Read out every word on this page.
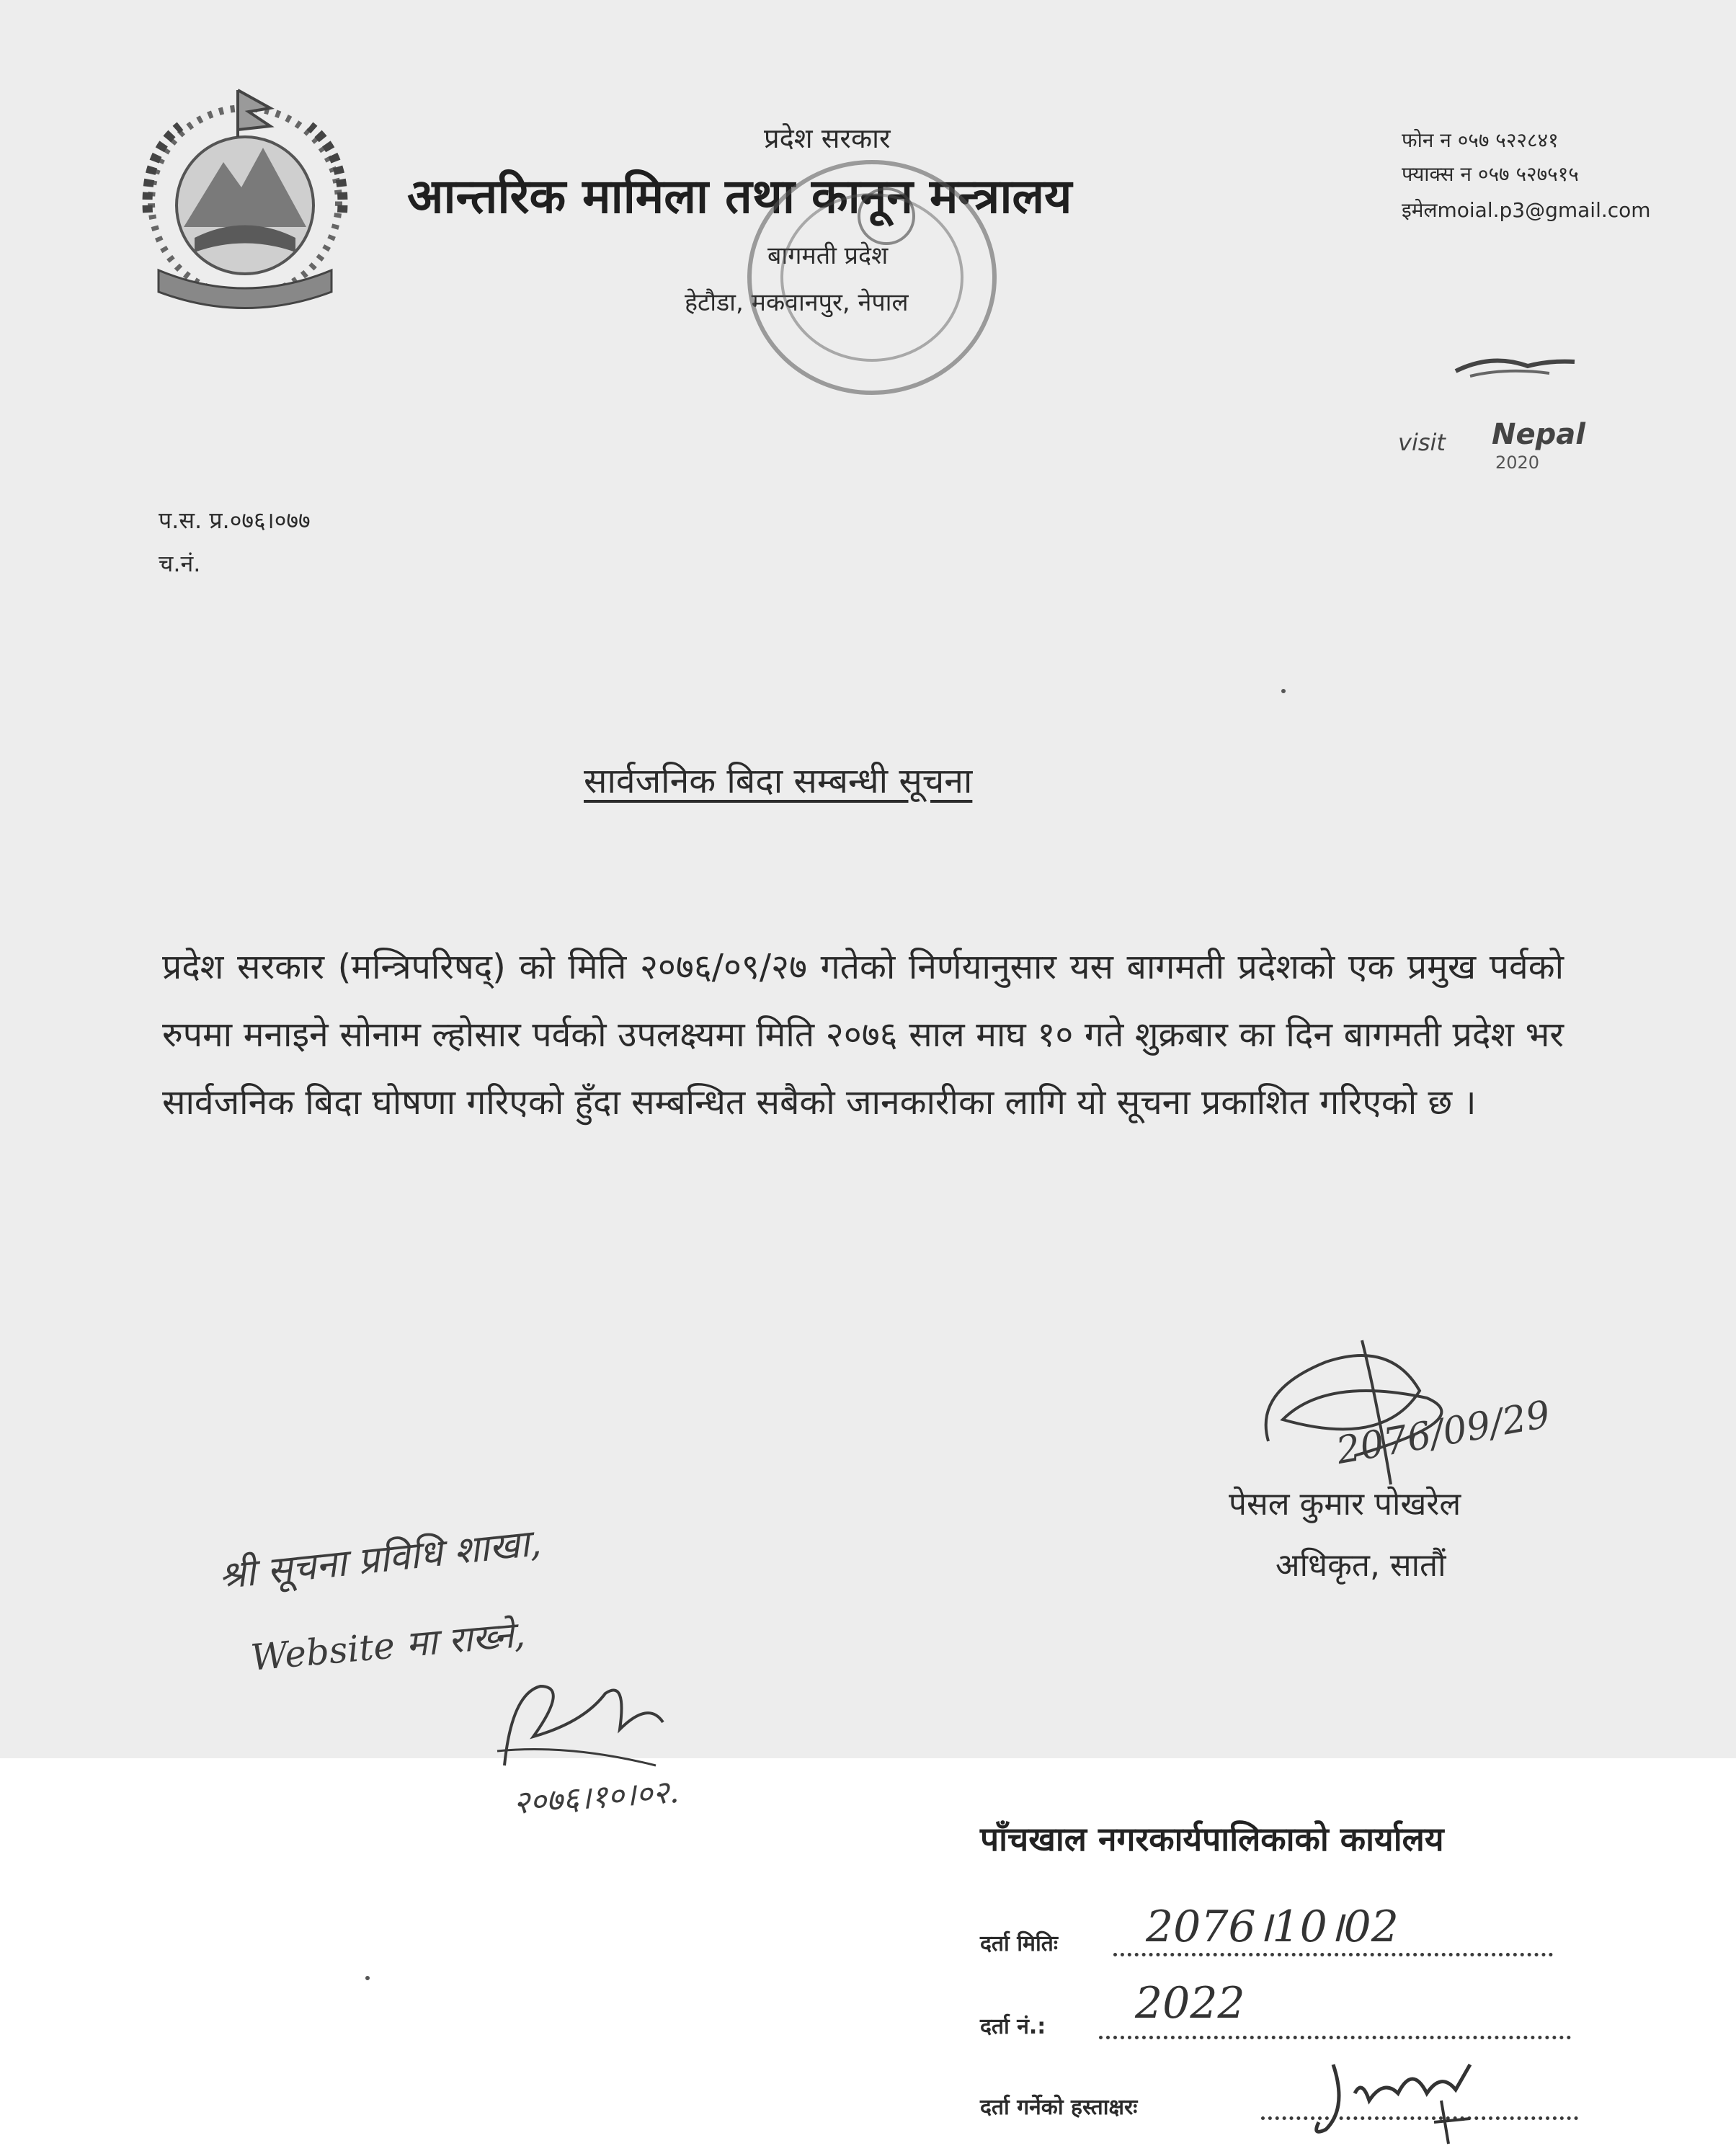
प्रदेश सरकार
आन्तरिक मामिला तथा कानून मन्त्रालय
बागमती प्रदेश
हेटौडा, मकवानपुर, नेपाल
फोन न ०५७ ५२२८४१
फ्याक्स न ०५७ ५२७५१५
इमेलmoial.p3@gmail.com
visit Nepal
2020
प.स. प्र.०७६।०७७
च.नं.
सार्वजनिक बिदा सम्बन्धी सूचना
प्रदेश सरकार (मन्त्रिपरिषद्) को मिति २०७६/०९/२७ गतेको निर्णयानुसार यस बागमती प्रदेशको एक प्रमुख पर्वको रुपमा मनाइने सोनाम ल्होसार पर्वको उपलक्ष्यमा मिति २०७६ साल माघ १० गते शुक्रबार का दिन बागमती प्रदेश भर सार्वजनिक बिदा घोषणा गरिएको हुँदा सम्बन्धित सबैको जानकारीका लागि यो सूचना प्रकाशित गरिएको छ ।
2076/09/29
पेसल कुमार पोखरेल
अधिकृत, सातौं
श्री सूचना प्रविधि शाखा,
Website मा राख्ने,
२०७६।१०।०२.
पाँचखाल नगरकार्यपालिकाको कार्यालय
दर्ता मितिः 2076।10।02
दर्ता नं.: 2022
दर्ता गर्नेको हस्ताक्षरः
